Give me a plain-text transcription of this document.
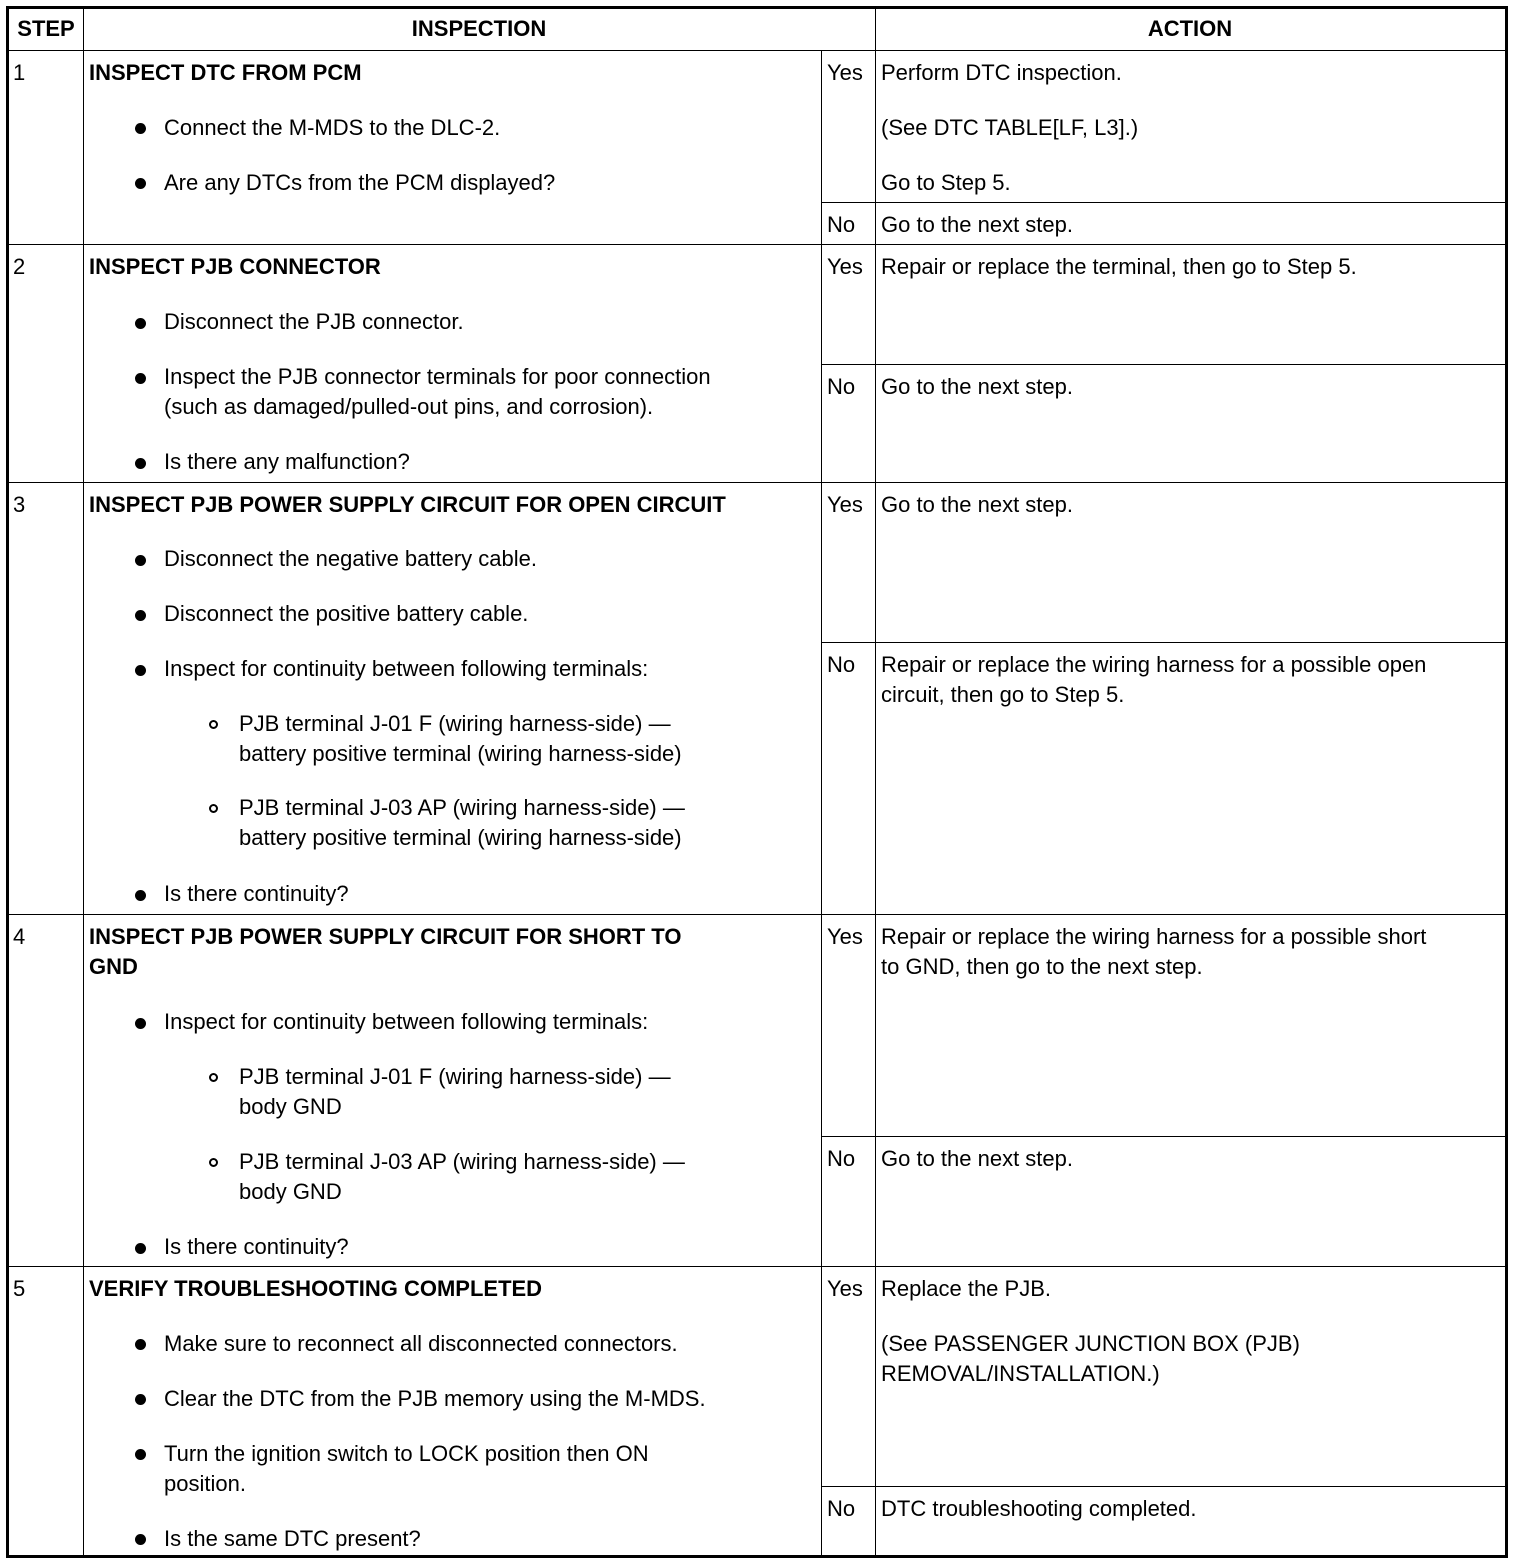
STEP	INSPECTION	ACTION
1	INSPECT DTC FROM PCM
Connect the M-MDS to the DLC-2.
Are any DTCs from the PCM displayed?
Yes Perform DTC inspection.
(See DTC TABLE[LF, L3].)
Go to Step 5.
No Go to the next step.
2	INSPECT PJB CONNECTOR
Disconnect the PJB connector.
Inspect the PJB connector terminals for poor connection
(such as damaged/pulled-out pins, and corrosion).
Is there any malfunction?
Yes Repair or replace the terminal, then go to Step 5.
No Go to the next step.
3	INSPECT PJB POWER SUPPLY CIRCUIT FOR OPEN CIRCUIT
Disconnect the negative battery cable.
Disconnect the positive battery cable.
Inspect for continuity between following terminals:
PJB terminal J-01 F (wiring harness-side) —
battery positive terminal (wiring harness-side)
PJB terminal J-03 AP (wiring harness-side) —
battery positive terminal (wiring harness-side)
Is there continuity?
Yes Go to the next step.
No Repair or replace the wiring harness for a possible open
circuit, then go to Step 5.
4	INSPECT PJB POWER SUPPLY CIRCUIT FOR SHORT TO
GND
Inspect for continuity between following terminals:
PJB terminal J-01 F (wiring harness-side) —
body GND
PJB terminal J-03 AP (wiring harness-side) —
body GND
Is there continuity?
Yes Repair or replace the wiring harness for a possible short
to GND, then go to the next step.
No Go to the next step.
5	VERIFY TROUBLESHOOTING COMPLETED
Make sure to reconnect all disconnected connectors.
Clear the DTC from the PJB memory using the M-MDS.
Turn the ignition switch to LOCK position then ON
position.
Is the same DTC present?
Yes Replace the PJB.
(See PASSENGER JUNCTION BOX (PJB)
REMOVAL/INSTALLATION.)
No DTC troubleshooting completed.
